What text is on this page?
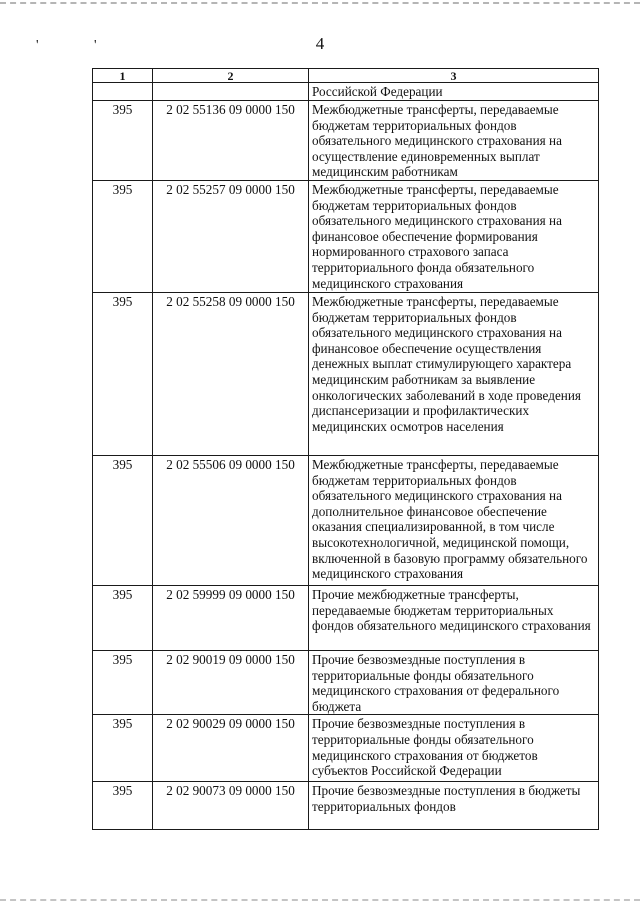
' '	4
1	2	3
		Российской Федерации
395	2 02 55136 09 0000 150	Межбюджетные трансферты, передаваемые бюджетам территориальных фондов обязательного медицинского страхования на осуществление единовременных выплат медицинским работникам
395	2 02 55257 09 0000 150	Межбюджетные трансферты, передаваемые бюджетам территориальных фондов обязательного медицинского страхования на финансовое обеспечение формирования нормированного страхового запаса территориального фонда обязательного медицинского страхования
395	2 02 55258 09 0000 150	Межбюджетные трансферты, передаваемые бюджетам территориальных фондов обязательного медицинского страхования на финансовое обеспечение осуществления денежных выплат стимулирующего характера медицинским работникам за выявление онкологических заболеваний в ходе проведения диспансеризации и профилактических медицинских осмотров населения
395	2 02 55506 09 0000 150	Межбюджетные трансферты, передаваемые бюджетам территориальных фондов обязательного медицинского страхования на дополнительное финансовое обеспечение оказания специализированной, в том числе высокотехнологичной, медицинской помощи, включенной в базовую программу обязательного медицинского страхования
395	2 02 59999 09 0000 150	Прочие межбюджетные трансферты, передаваемые бюджетам территориальных фондов обязательного медицинского страхования
395	2 02 90019 09 0000 150	Прочие безвозмездные поступления в территориальные фонды обязательного медицинского страхования от федерального бюджета
395	2 02 90029 09 0000 150	Прочие безвозмездные поступления в территориальные фонды обязательного медицинского страхования от бюджетов субъектов Российской Федерации
395	2 02 90073 09 0000 150	Прочие безвозмездные поступления в бюджеты территориальных фондов
